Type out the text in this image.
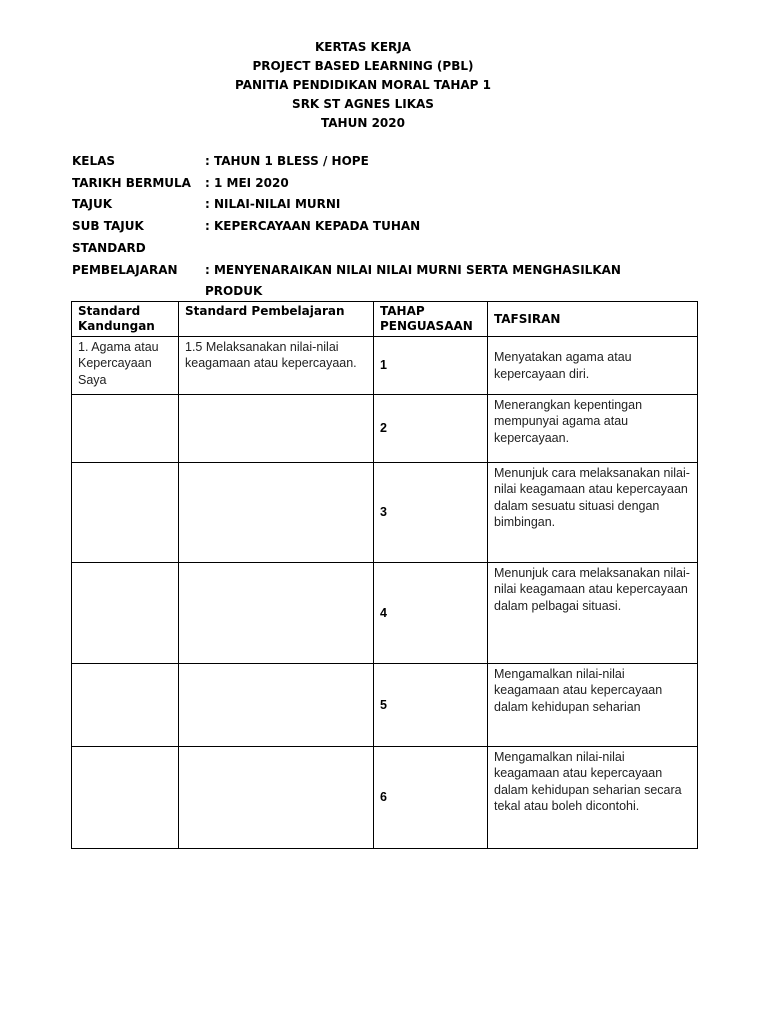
KERTAS KERJA
PROJECT BASED LEARNING (PBL)
PANITIA PENDIDIKAN MORAL TAHAP 1
SRK ST AGNES LIKAS
TAHUN 2020
KELAS	: TAHUN 1 BLESS / HOPE
TARIKH BERMULA	: 1 MEI 2020
TAJUK	: NILAI-NILAI MURNI
SUB TAJUK	: KEPERCAYAAN KEPADA TUHAN
STANDARD
PEMBELAJARAN	: MENYENARAIKAN NILAI NILAI MURNI SERTA MENGHASILKAN
PRODUK
Standard Kandungan	Standard Pembelajaran	TAHAP PENGUASAAN	TAFSIRAN
1. Agama atau Kepercayaan Saya	1.5 Melaksanakan nilai-nilai keagamaan atau kepercayaan.	1	Menyatakan agama atau kepercayaan diri.
		2	Menerangkan kepentingan mempunyai agama atau kepercayaan.
		3	Menunjuk cara melaksanakan nilai-nilai keagamaan atau kepercayaan dalam sesuatu situasi dengan bimbingan.
		4	Menunjuk cara melaksanakan nilai-nilai keagamaan atau kepercayaan dalam pelbagai situasi.
		5	Mengamalkan nilai-nilai keagamaan atau kepercayaan dalam kehidupan seharian
		6	Mengamalkan nilai-nilai keagamaan atau kepercayaan dalam kehidupan seharian secara tekal atau boleh dicontohi.
